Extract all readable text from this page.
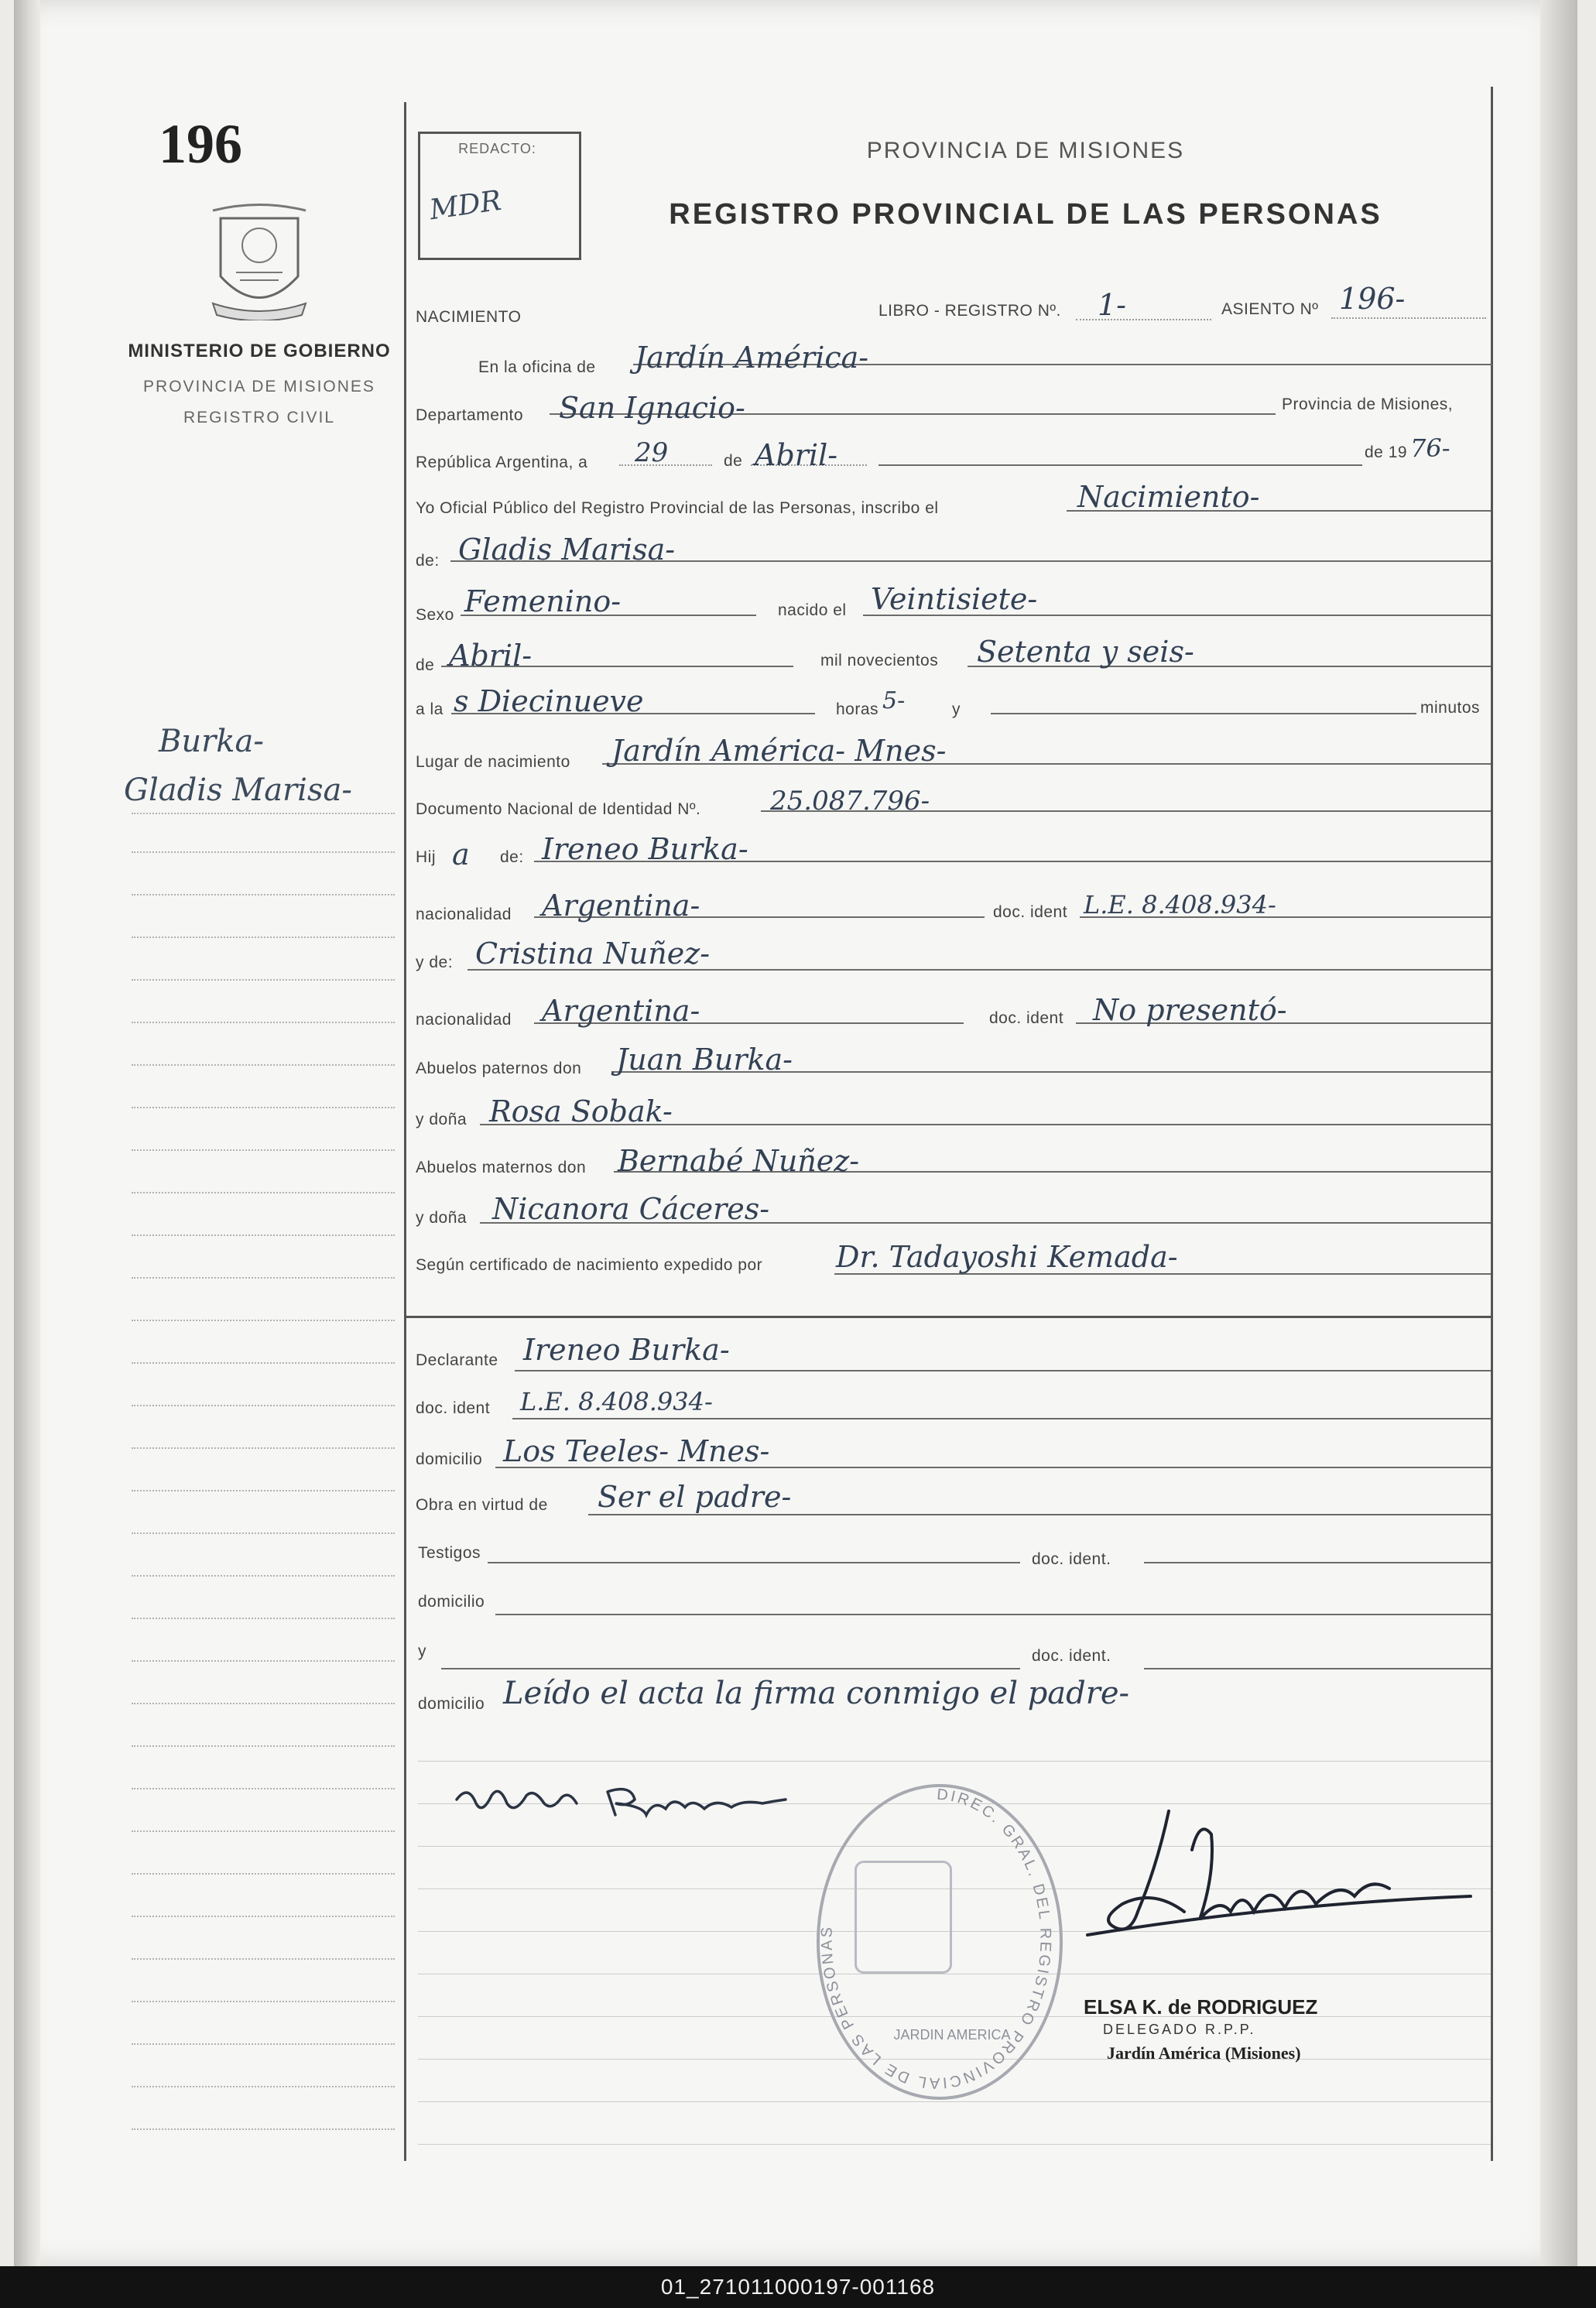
196
MINISTERIO DE GOBIERNO
PROVINCIA DE MISIONES
REGISTRO CIVIL
Burka-
Gladis Marisa-
REDACTO:
MDR
PROVINCIA DE MISIONES
REGISTRO PROVINCIAL DE LAS PERSONAS
NACIMIENTO	LIBRO - REGISTRO Nº. 1-	ASIENTO Nº 196-
En la oficina de Jardín América-
Departamento San Ignacio-	Provincia de Misiones,
República Argentina, a 29	de Abril-	de 19 76-
Yo Oficial Público del Registro Provincial de las Personas, inscribo el	Nacimiento-
de: Gladis Marisa-
Sexo Femenino-	nacido el Veintisiete-
de Abril-	mil novecientos Setenta y seis-
a la s Diecinueve	horas 5-	y	minutos
Lugar de nacimiento Jardín América- Mnes-
Documento Nacional de Identidad Nº.	25.087.796-
Hij a de: Ireneo Burka-
nacionalidad Argentina-	doc. ident L.E. 8.408.934-
y de: Cristina Nuñez-
nacionalidad Argentina-	doc. ident No presentó-
Abuelos paternos don Juan Burka-
y doña Rosa Sobak-
Abuelos maternos don Bernabé Nuñez-
y doña Nicanora Cáceres-
Según certificado de nacimiento expedido por Dr. Tadayoshi Kemada-
Declarante Ireneo Burka-
doc. ident L.E. 8.408.934-
domicilio Los Teeles- Mnes-
Obra en virtud de Ser el padre-
Testigos	doc. ident.
domicilio
y	doc. ident.
domicilio Leído el acta la firma conmigo el padre-
DIREC. GRAL. DEL REGISTRO PROVINCIAL DE LAS PERSONAS
JARDIN AMERICA
ELSA K. de RODRIGUEZ
DELEGADO R.P.P.
Jardín América (Misiones)
01_271011000197-001168
